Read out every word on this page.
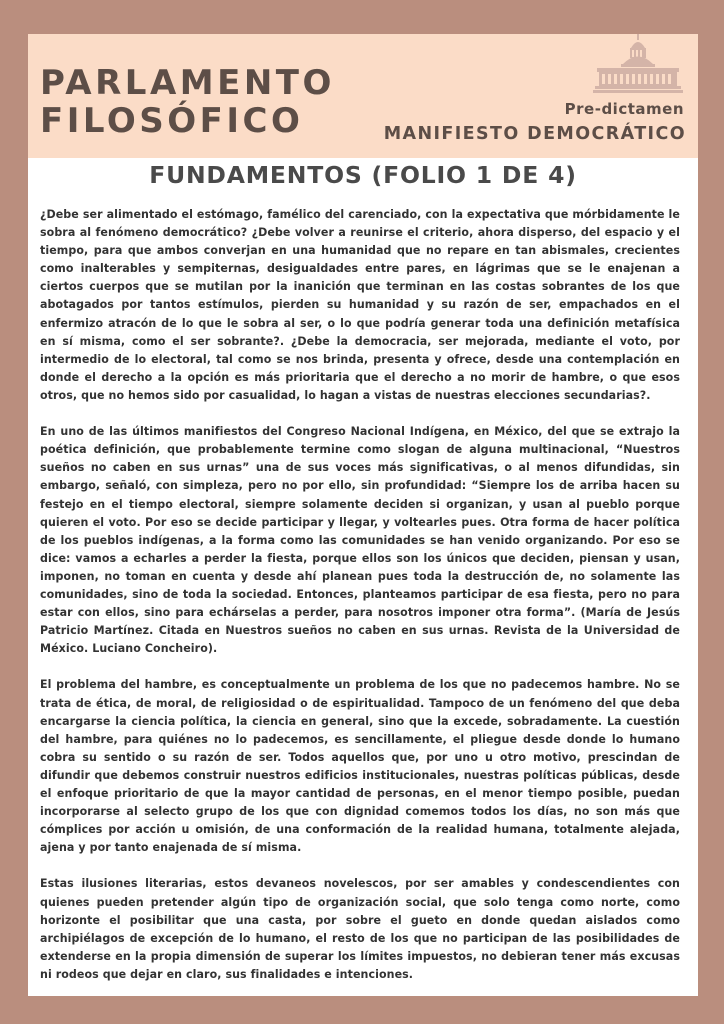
PARLAMENTO
FILOSÓFICO	Pre-dictamen
MANIFIESTO DEMOCRÁTICO
FUNDAMENTOS (FOLIO 1 DE 4)

¿Debe ser alimentado el estómago, famélico del carenciado, con la expectativa que mórbidamente le sobra al fenómeno democrático? ¿Debe volver a reunirse el criterio, ahora disperso, del espacio y el tiempo, para que ambos converjan en una humanidad que no repare en tan abismales, crecientes como inalterables y sempiternas, desigualdades entre pares, en lágrimas que se le enajenan a ciertos cuerpos que se mutilan por la inanición que terminan en las costas sobrantes de los que abotagados por tantos estímulos, pierden su humanidad y su razón de ser, empachados en el enfermizo atracón de lo que le sobra al ser, o lo que podría generar toda una definición metafísica en sí misma, como el ser sobrante?. ¿Debe la democracia, ser mejorada, mediante el voto, por intermedio de lo electoral, tal como se nos brinda, presenta y ofrece, desde una contemplación en donde el derecho a la opción es más prioritaria que el derecho a no morir de hambre, o que esos otros, que no hemos sido por casualidad, lo hagan a vistas de nuestras elecciones secundarias?.

En uno de las últimos manifiestos del Congreso Nacional Indígena, en México, del que se extrajo la poética definición, que probablemente termine como slogan de alguna multinacional, “Nuestros sueños no caben en sus urnas” una de sus voces más significativas, o al menos difundidas, sin embargo, señaló, con simpleza, pero no por ello, sin profundidad: “Siempre los de arriba hacen su festejo en el tiempo electoral, siempre solamente deciden si organizan, y usan al pueblo porque quieren el voto. Por eso se decide participar y llegar, y voltearles pues. Otra forma de hacer política de los pueblos indígenas, a la forma como las comunidades se han venido organizando. Por eso se dice: vamos a echarles a perder la fiesta, porque ellos son los únicos que deciden, piensan y usan, imponen, no toman en cuenta y desde ahí planean pues toda la destrucción de, no solamente las comunidades, sino de toda la sociedad. Entonces, planteamos participar de esa fiesta, pero no para estar con ellos, sino para echárselas a perder, para nosotros imponer otra forma”. (María de Jesús Patricio Martínez. Citada en Nuestros sueños no caben en sus urnas. Revista de la Universidad de México. Luciano Concheiro).

El problema del hambre, es conceptualmente un problema de los que no padecemos hambre. No se trata de ética, de moral, de religiosidad o de espiritualidad. Tampoco de un fenómeno del que deba encargarse la ciencia política, la ciencia en general, sino que la excede, sobradamente. La cuestión del hambre, para quiénes no lo padecemos, es sencillamente, el pliegue desde donde lo humano cobra su sentido o su razón de ser. Todos aquellos que, por uno u otro motivo, prescindan de difundir que debemos construir nuestros edificios institucionales, nuestras políticas públicas, desde el enfoque prioritario de que la mayor cantidad de personas, en el menor tiempo posible, puedan incorporarse al selecto grupo de los que con dignidad comemos todos los días, no son más que cómplices por acción u omisión, de una conformación de la realidad humana, totalmente alejada, ajena y por tanto enajenada de sí misma.

Estas ilusiones literarias, estos devaneos novelescos, por ser amables y condescendientes con quienes pueden pretender algún tipo de organización social, que solo tenga como norte, como horizonte el posibilitar que una casta, por sobre el gueto en donde quedan aislados como archipiélagos de excepción de lo humano, el resto de los que no participan de las posibilidades de extenderse en la propia dimensión de superar los límites impuestos, no debieran tener más excusas ni rodeos que dejar en claro, sus finalidades e intenciones.
